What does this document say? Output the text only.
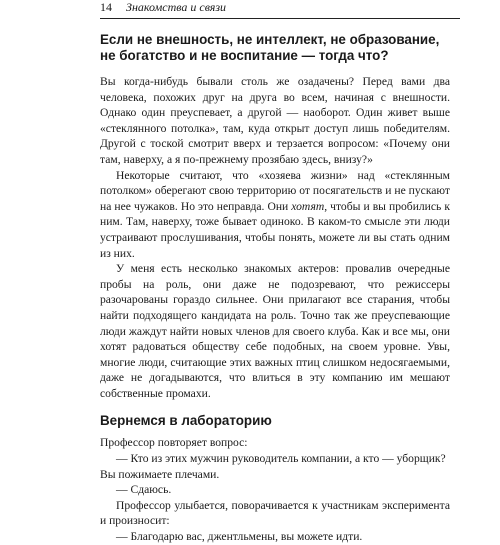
14 Знакомства и связи
Если не внешность, не интеллект, не образование, не богатство и не воспитание — тогда что?

Вы когда-нибудь бывали столь же озадачены? Перед вами два человека, похожих друг на друга во всем, начиная с внешности. Однако один преуспевает, а другой — наоборот. Один живет выше «стеклянного потолка», там, куда открыт доступ лишь победителям. Другой с тоской смотрит вверх и терзается вопросом: «Почему они там, наверху, а я по-прежнему прозябаю здесь, внизу?»

Некоторые считают, что «хозяева жизни» над «стеклянным потолком» оберегают свою территорию от посягательств и не пускают на нее чужаков. Но это неправда. Они хотят, чтобы и вы пробились к ним. Там, наверху, тоже бывает одиноко. В каком-то смысле эти люди устраивают прослушивания, чтобы понять, можете ли вы стать одним из них.

У меня есть несколько знакомых актеров: провалив очередные пробы на роль, они даже не подозревают, что режиссеры разочарованы гораздо сильнее. Они прилагают все старания, чтобы найти подходящего кандидата на роль. Точно так же преуспевающие люди жаждут найти новых членов для своего клуба. Как и все мы, они хотят радоваться обществу себе подобных, на своем уровне. Увы, многие люди, считающие этих важных птиц слишком недосягаемыми, даже не догадываются, что влиться в эту компанию им мешают собственные промахи.

Вернемся в лабораторию

Профессор повторяет вопрос:

— Кто из этих мужчин руководитель компании, а кто — уборщик?

Вы пожимаете плечами.

— Сдаюсь.

Профессор улыбается, поворачивается к участникам эксперимента и произносит:

— Благодарю вас, джентльмены, вы можете идти.
